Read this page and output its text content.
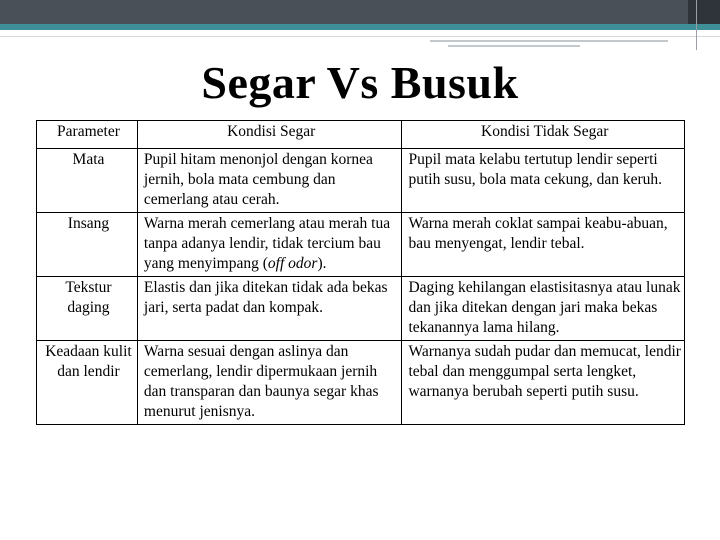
Segar Vs Busuk
Parameter	Kondisi Segar	Kondisi Tidak Segar
Mata	Pupil hitam menonjol dengan kornea jernih, bola mata cembung dan cemerlang atau cerah.	Pupil mata kelabu tertutup lendir seperti putih susu, bola mata cekung, dan keruh.
Insang	Warna merah cemerlang atau merah tua tanpa adanya lendir, tidak tercium bau yang menyimpang (off odor).	Warna merah coklat sampai keabu-abuan, bau menyengat, lendir tebal.
Tekstur daging	Elastis dan jika ditekan tidak ada bekas jari, serta padat dan kompak.	Daging kehilangan elastisitasnya atau lunak dan jika ditekan dengan jari maka bekas tekanannya lama hilang.
Keadaan kulit dan lendir	Warna sesuai dengan aslinya dan cemerlang, lendir dipermukaan jernih dan transparan dan baunya segar khas menurut jenisnya.	Warnanya sudah pudar dan memucat, lendir tebal dan menggumpal serta lengket, warnanya berubah seperti putih susu.
